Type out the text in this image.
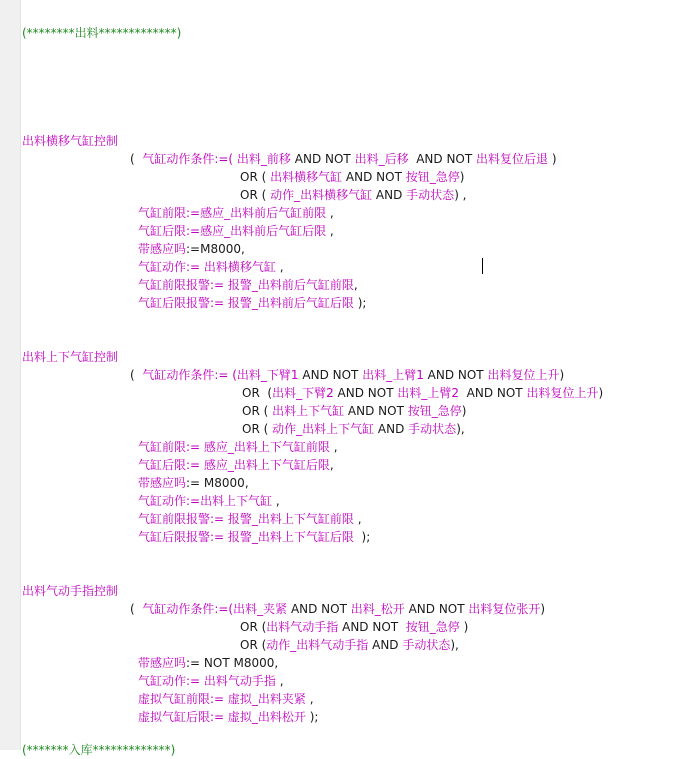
(********出料*************)
出料横移气缸控制
(  气缸动作条件:=( 出料_前移 AND NOT 出料_后移  AND NOT 出料复位后退 )
OR ( 出料横移气缸 AND NOT 按钮_急停)
OR ( 动作_出料横移气缸 AND 手动状态) ,
气缸前限:=感应_出料前后气缸前限 ,
气缸后限:=感应_出料前后气缸后限 ,
带感应吗:=M8000,
气缸动作:= 出料横移气缸 ,
气缸前限报警:= 报警_出料前后气缸前限,
气缸后限报警:= 报警_出料前后气缸后限 );
出料上下气缸控制
(  气缸动作条件:= (出料_下臂1 AND NOT 出料_上臂1 AND NOT 出料复位上升)
OR  (出料_下臂2 AND NOT 出料_上臂2  AND NOT 出料复位上升)
OR ( 出料上下气缸 AND NOT 按钮_急停)
OR ( 动作_出料上下气缸 AND 手动状态),
气缸前限:= 感应_出料上下气缸前限 ,
气缸后限:= 感应_出料上下气缸后限,
带感应吗:= M8000,
气缸动作:=出料上下气缸 ,
气缸前限报警:= 报警_出料上下气缸前限 ,
气缸后限报警:= 报警_出料上下气缸后限  );
出料气动手指控制
(  气缸动作条件:=(出料_夹紧 AND NOT 出料_松开 AND NOT 出料复位张开)
OR (出料气动手指 AND NOT  按钮_急停 )
OR (动作_出料气动手指 AND 手动状态),
带感应吗:= NOT M8000,
气缸动作:= 出料气动手指 ,
虚拟气缸前限:= 虚拟_出料夹紧 ,
虚拟气缸后限:= 虚拟_出料松开 );
(*******入库*************)
